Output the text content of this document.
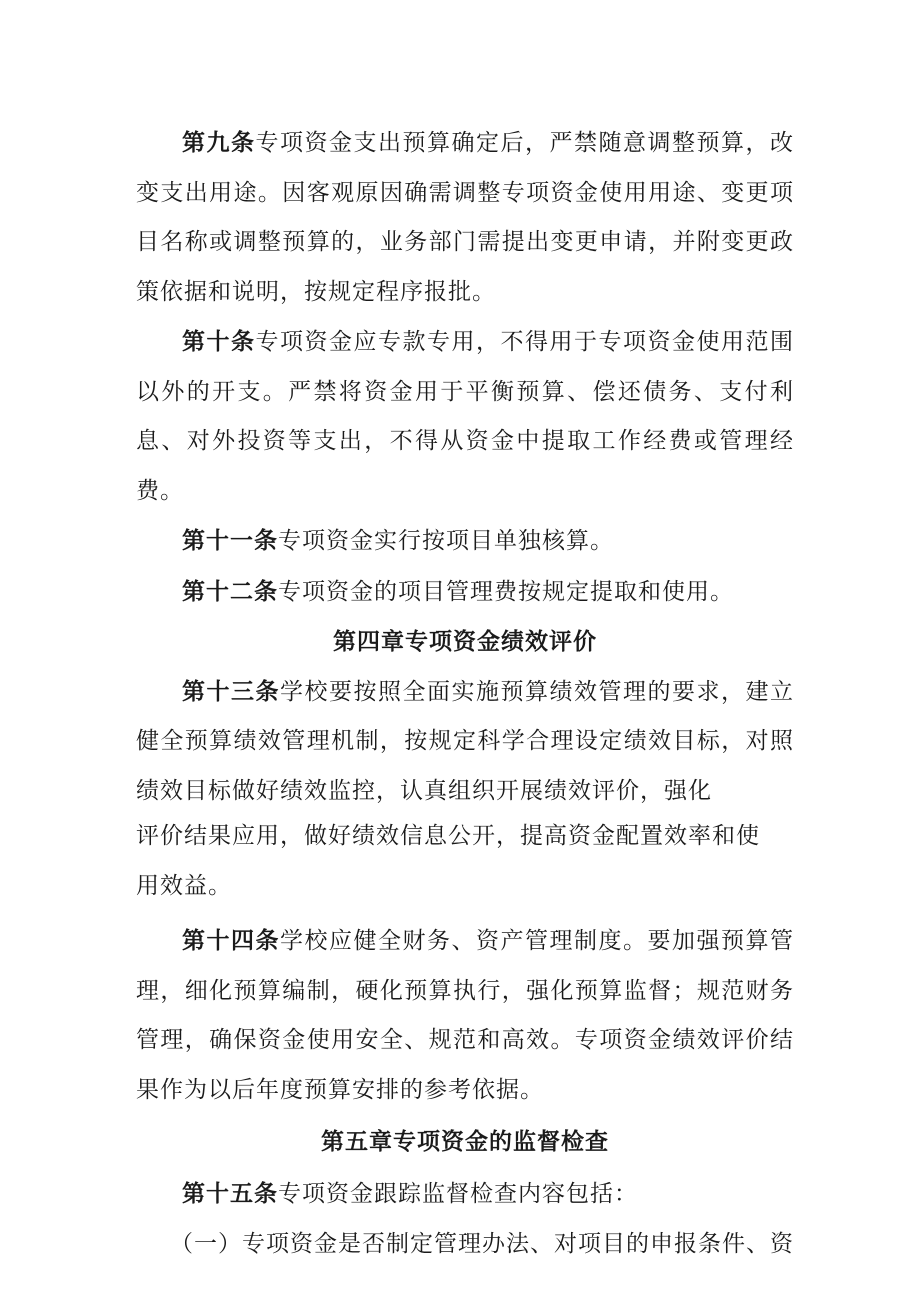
第九条专项资金支出预算确定后，严禁随意调整预算，改变支出用途。因客观原因确需调整专项资金使用用途、变更项目名称或调整预算的，业务部门需提出变更申请，并附变更政策依据和说明，按规定程序报批。

第十条专项资金应专款专用，不得用于专项资金使用范围以外的开支。严禁将资金用于平衡预算、偿还债务、支付利息、对外投资等支出，不得从资金中提取工作经费或管理经费。

第十一条专项资金实行按项目单独核算。

第十二条专项资金的项目管理费按规定提取和使用。

第四章专项资金绩效评价

第十三条学校要按照全面实施预算绩效管理的要求，建立健全预算绩效管理机制，按规定科学合理设定绩效目标，对照绩效目标做好绩效监控，认真组织开展绩效评价，强化

评价结果应用，做好绩效信息公开，提高资金配置效率和使

用效益。

第十四条学校应健全财务、资产管理制度。要加强预算管理，细化预算编制，硬化预算执行，强化预算监督；规范财务管理，确保资金使用安全、规范和高效。专项资金绩效评价结果作为以后年度预算安排的参考依据。

第五章专项资金的监督检查

第十五条专项资金跟踪监督检查内容包括：

（一）专项资金是否制定管理办法、对项目的申报条件、资
